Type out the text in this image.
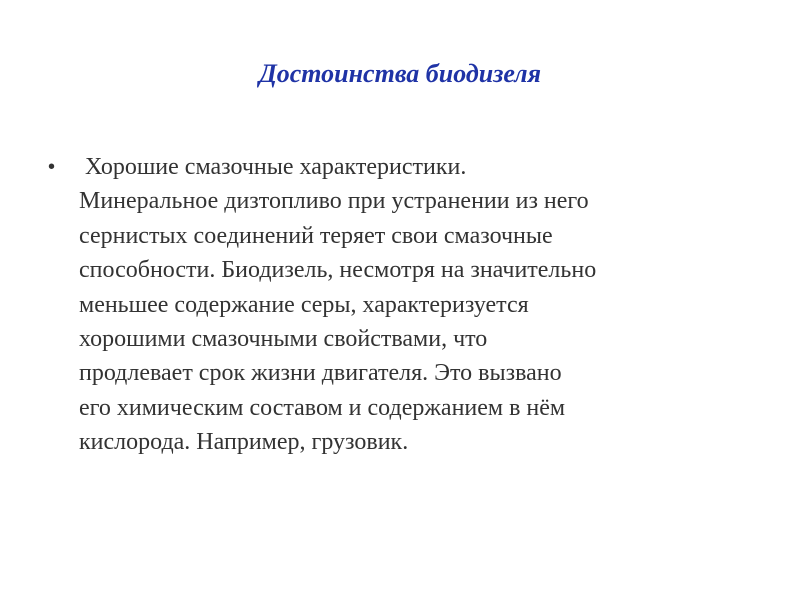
Достоинства биодизеля
• Хорошие смазочные характеристики.
Минеральное дизтопливо при устранении из него
сернистых соединений теряет свои смазочные
способности. Биодизель, несмотря на значительно
меньшее содержание серы, характеризуется
хорошими смазочными свойствами, что
продлевает срок жизни двигателя. Это вызвано
его химическим составом и содержанием в нём
кислорода. Например, грузовик.
